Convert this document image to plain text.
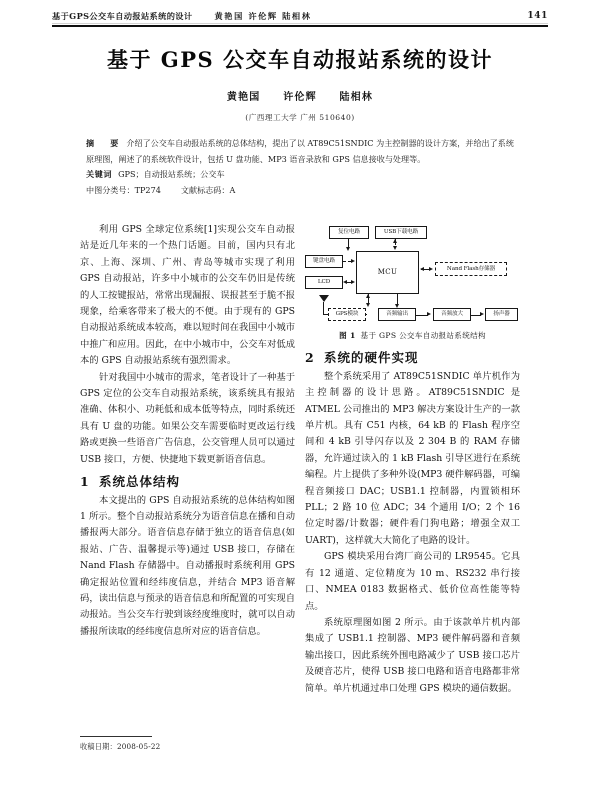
基于GPS公交车自动报站系统的设计	黄艳国 许伦辉 陆相林	141
基于 GPS 公交车自动报站系统的设计
黄艳国 许伦辉 陆相林
(广西理工大学 广州 510640)

摘　要 介绍了公交车自动报站系统的总体结构，提出了以 AT89C51SNDIC 为主控制器的设计方案，并给出了系统原理图，阐述了的系统软件设计，包括 U 盘功能、MP3 语音录放和 GPS 信息接收与处理等。

关键词 GPS；自动报站系统；公交车

中图分类号：TP274 文献标志码：A

利用 GPS 全球定位系统[1]实现公交车自动报站是近几年来的一个热门话题。目前，国内只有北京、上海、深圳、广州、青岛等城市实现了利用 GPS 自动报站，许多中小城市的公交车仍旧是传统的人工按键报站，常常出现漏报、误报甚至于脆不报现象，给乘客带来了极大的不便。由于现有的 GPS 自动报站系统成本较高，难以短时间在我国中小城市中推广和应用。因此，在中小城市中，公交车对低成本的 GPS 自动报站系统有强烈需求。

针对我国中小城市的需求，笔者设计了一种基于 GPS 定位的公交车自动报站系统，该系统具有报站准确、体积小、功耗低和成本低等特点，同时系统还具有 U 盘的功能。如果公交车需要临时更改运行线路或更换一些语音广告信息，公交管理人员可以通过 USB 接口，方便、快捷地下载更新语音信息。

1 系统总体结构

本文提出的 GPS 自动报站系统的总体结构如图 1 所示。整个自动报站系统分为语音信息在播和自动播报两大部分。语音信息存储于独立的语音信息(如报站、广告、温馨提示等)通过 USB 接口，存储在 Nand Flash 存储器中。自动播报时系统利用 GPS 确定报站位置和经纬度信息，并结合 MP3 语音解码，读出信息与预录的语音信息和所配置的可实现自动报站。当公交车行驶到该经度维度时，就可以自动播报所读取的经纬度信息所对应的语音信息。

复位电路	USB下载电路
键盘电路
LCD
MCU	Nand Flash存储器
GPS模块	音频输出	音频放大	扬声器
图 1 基于 GPS 公交车自动报站系统结构
2 系统的硬件实现

整个系统采用了 AT89C51SNDIC 单片机作为主控制器的设计思路。AT89C51SNDIC 是 ATMEL 公司推出的 MP3 解决方案设计生产的一款单片机。具有 C51 内核，64 kB 的 Flash 程序空间和 4 kB 引导闪存以及 2 304 B 的 RAM 存储器，允许通过读入的 1 kB Flash 引导区进行在系统编程。片上提供了多种外设(MP3 硬件解码器，可编程音频接口 DAC；USB1.1 控制器，内置锁相环 PLL；2 路 10 位 ADC；34 个通用 I/O；2 个 16 位定时器/计数器；硬件看门狗电路；增强全双工 UART)，这样就大大简化了电路的设计。

GPS 模块采用台湾厂商公司的 LR9545。它具有 12 通道、定位精度为 10 m、RS232 串行接口、NMEA 0183 数据格式、低价位高性能等特点。

系统原理图如图 2 所示。由于该款单片机内部集成了 USB1.1 控制器、MP3 硬件解码器和音频输出接口，因此系统外围电路减少了 USB 接口芯片及硬音芯片，使得 USB 接口电路和语音电路都非常简单。单片机通过串口处理 GPS 模块的通信数据。

收稿日期：2008-05-22
